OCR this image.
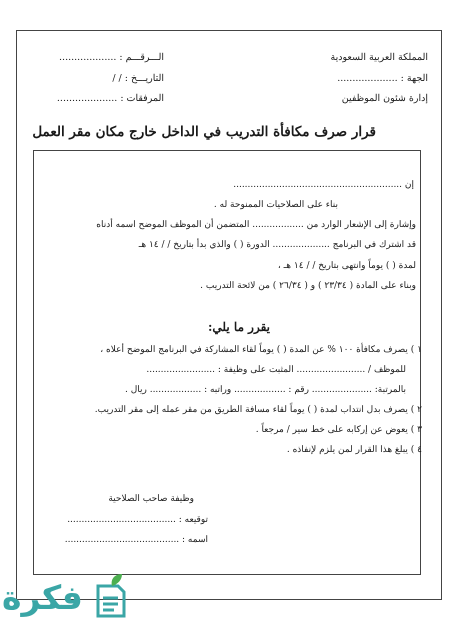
المملكة العربية السعودية
الجهة : ....................
إدارة شئون الموظفين
الـــرقـــم : ...................
التاريـــخ : / /
المرفقات : ....................
قرار صرف مكافأة التدريب في الداخل خارج مكان مقر العمل
إن ...........................................................
بناء على الصلاحيات الممنوحة له .
وإشارة إلى الإشعار الوارد من .................. المتضمن أن الموظف الموضح اسمه أدناه
قد اشترك في البرنامج .................... الدورة ( ) والذي بدأ بتاريخ / / ١٤ هـ
لمدة ( ) يوماً وانتهى بتاريخ / / ١٤ هـ ،
وبناء على المادة ( ٢٣/٣٤ ) و ( ٢٦/٣٤ ) من لائحة التدريب .
يقرر ما يلي:
١ ) يصرف مكافأة ١٠٠ % عن المدة ( ) يوماً لقاء المشاركة في البرنامج الموضح أعلاه ،
للموظف / ........................ المثبت على وظيفة : ........................
بالمرتبة: ..................... رقم : .................. وراتبه : .................. ريال .
٢ ) يصرف بدل انتداب لمدة ( ) يوماً لقاء مسافة الطريق من مقر عمله إلى مقر التدريب.
٣ ) يعوض عن إركابه على خط سير / مرجعاً .
٤ ) يبلغ هذا القرار لمن يلزم لإنفاذه .
وظيفة صاحب الصلاحية
توقيعه : ......................................
اسمه : ........................................
فكرة
